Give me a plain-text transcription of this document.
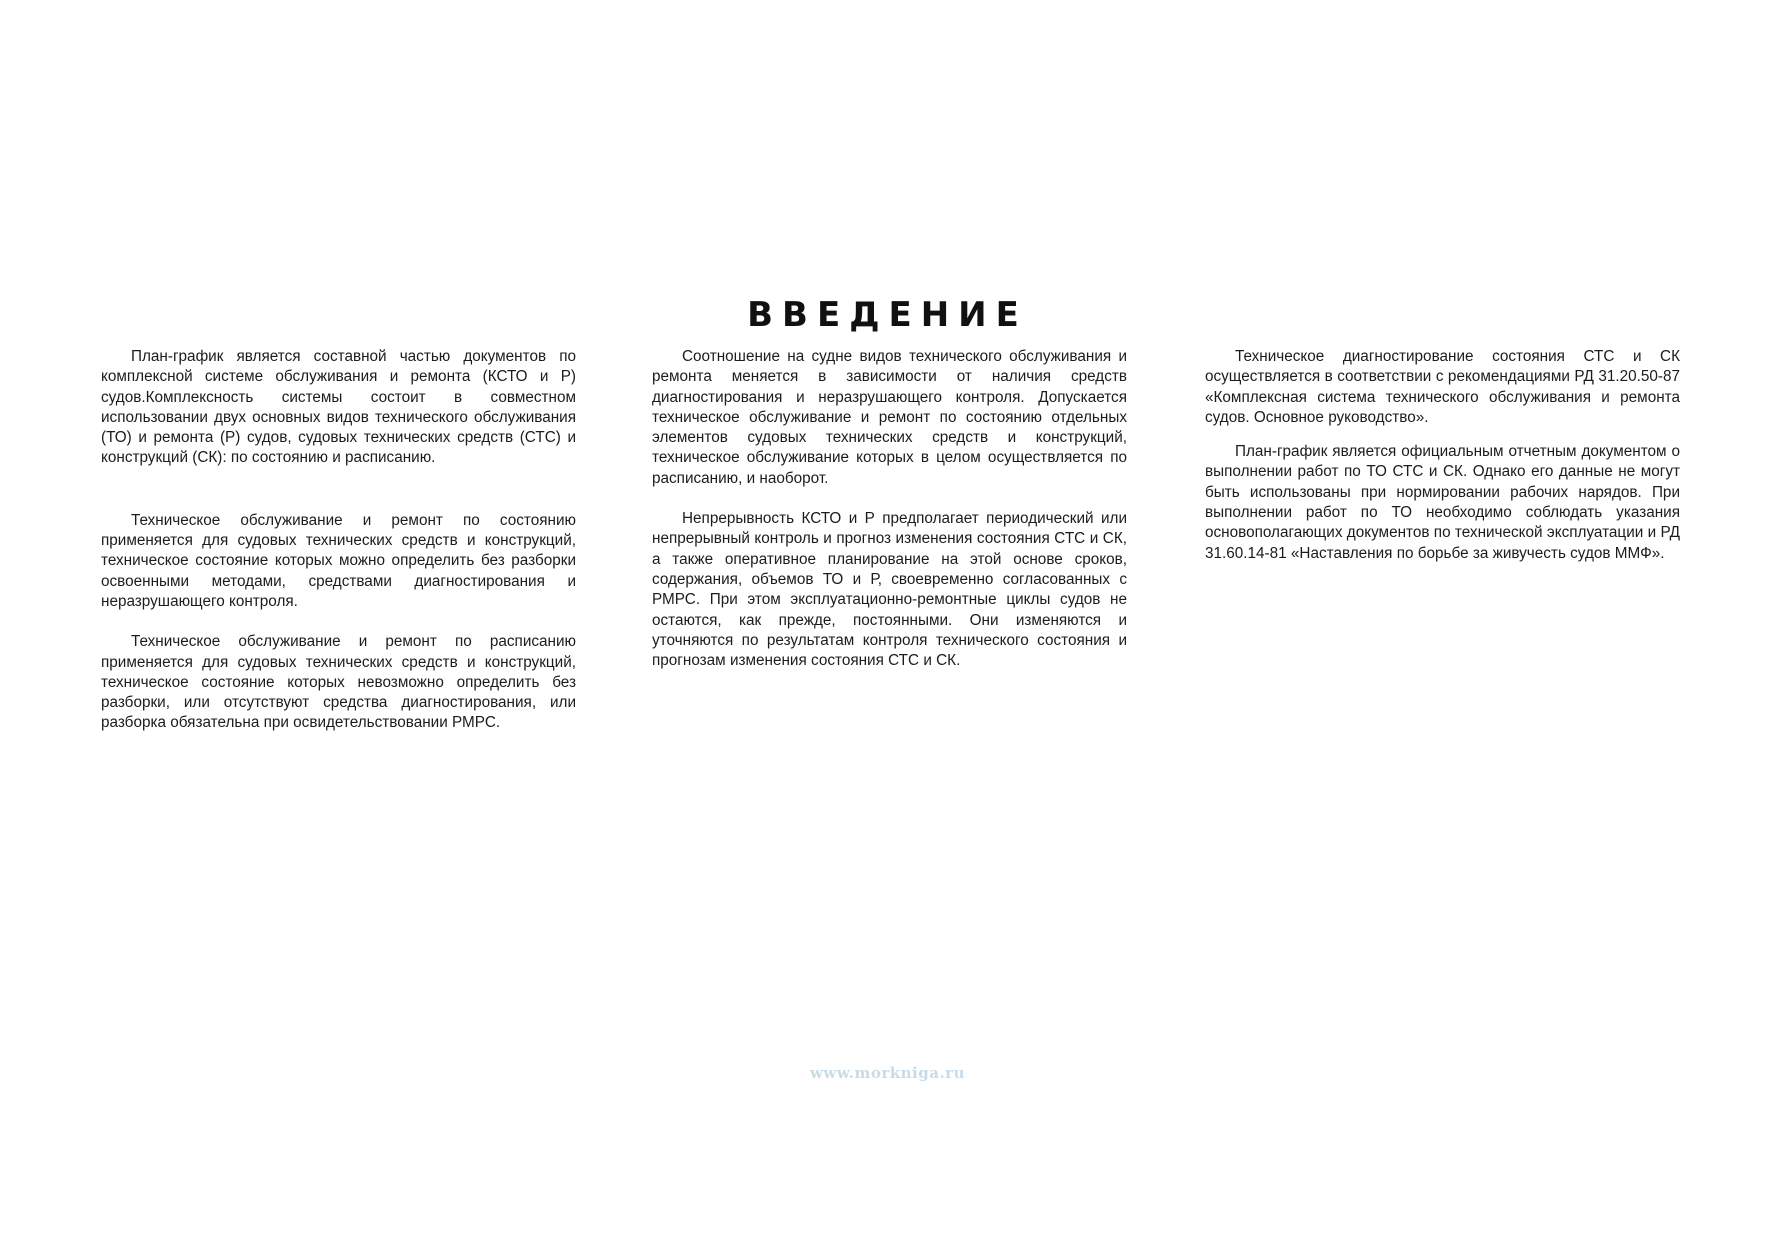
ВВЕДЕНИЕ

План-график является составной частью документов по комплексной системе обслуживания и ремонта (КСТО и Р) судов.Комплексность системы состоит в совместном использовании двух основных видов технического обслуживания (ТО) и ремонта (Р) судов, судовых технических средств (СТС) и конструкций (СК): по состоянию и расписанию.

Техническое обслуживание и ремонт по состоянию применяется для судовых технических средств и конструкций, техническое состояние которых можно определить без разборки освоенными методами, средствами диагностирования и неразрушающего контроля.

Техническое обслуживание и ремонт по расписанию применяется для судовых технических средств и конструкций, техническое состояние которых невозможно определить без разборки, или отсутствуют средства диагностирования, или разборка обязательна при освидетельствовании РМРС.

Соотношение на судне видов технического обслуживания и ремонта меняется в зависимости от наличия средств диагностирования и неразрушающего контроля. Допускается техническое обслуживание и ремонт по состоянию отдельных элементов судовых технических средств и конструкций, техническое обслуживание которых в целом осуществляется по расписанию, и наоборот.

Непрерывность КСТО и Р предполагает периодический или непрерывный контроль и прогноз изменения состояния СТС и СК, а также оперативное планирование на этой основе сроков, содержания, объемов ТО и Р, своевременно согласованных с РМРС. При этом эксплуатационно-ремонтные циклы судов не остаются, как прежде, постоянными. Они изменяются и уточняются по результатам контроля технического состояния и прогнозам изменения состояния СТС и СК.

Техническое диагностирование состояния СТС и СК осуществляется в соответствии с рекомендациями РД 31.20.50-87 «Комплексная система технического обслуживания и ремонта судов. Основное руководство».

План-график является официальным отчетным документом о выполнении работ по ТО СТС и СК. Однако его данные не могут быть использованы при нормировании рабочих нарядов. При выполнении работ по ТО необходимо соблюдать указания основополагающих документов по технической эксплуатации и РД 31.60.14-81 «Наставления по борьбе за живучесть судов ММФ».

www.morkniga.ru
